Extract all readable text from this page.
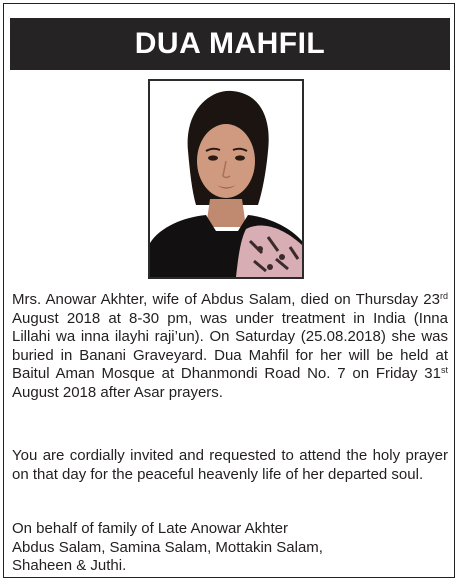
DUA MAHFIL
Mrs. Anowar Akhter, wife of Abdus Salam, died on Thursday 23rd August 2018 at 8-30 pm, was under treatment in India (Inna Lillahi wa inna ilayhi raji’un). On Saturday (25.08.2018) she was buried in Banani Graveyard. Dua Mahfil for her will be held at Baitul Aman Mosque at Dhanmondi Road No. 7 on Friday 31st August 2018 after Asar prayers.
You are cordially invited and requested to attend the holy prayer on that day for the peaceful heavenly life of her departed soul.
On behalf of family of Late Anowar Akhter
Abdus Salam, Samina Salam, Mottakin Salam,
Shaheen & Juthi.
